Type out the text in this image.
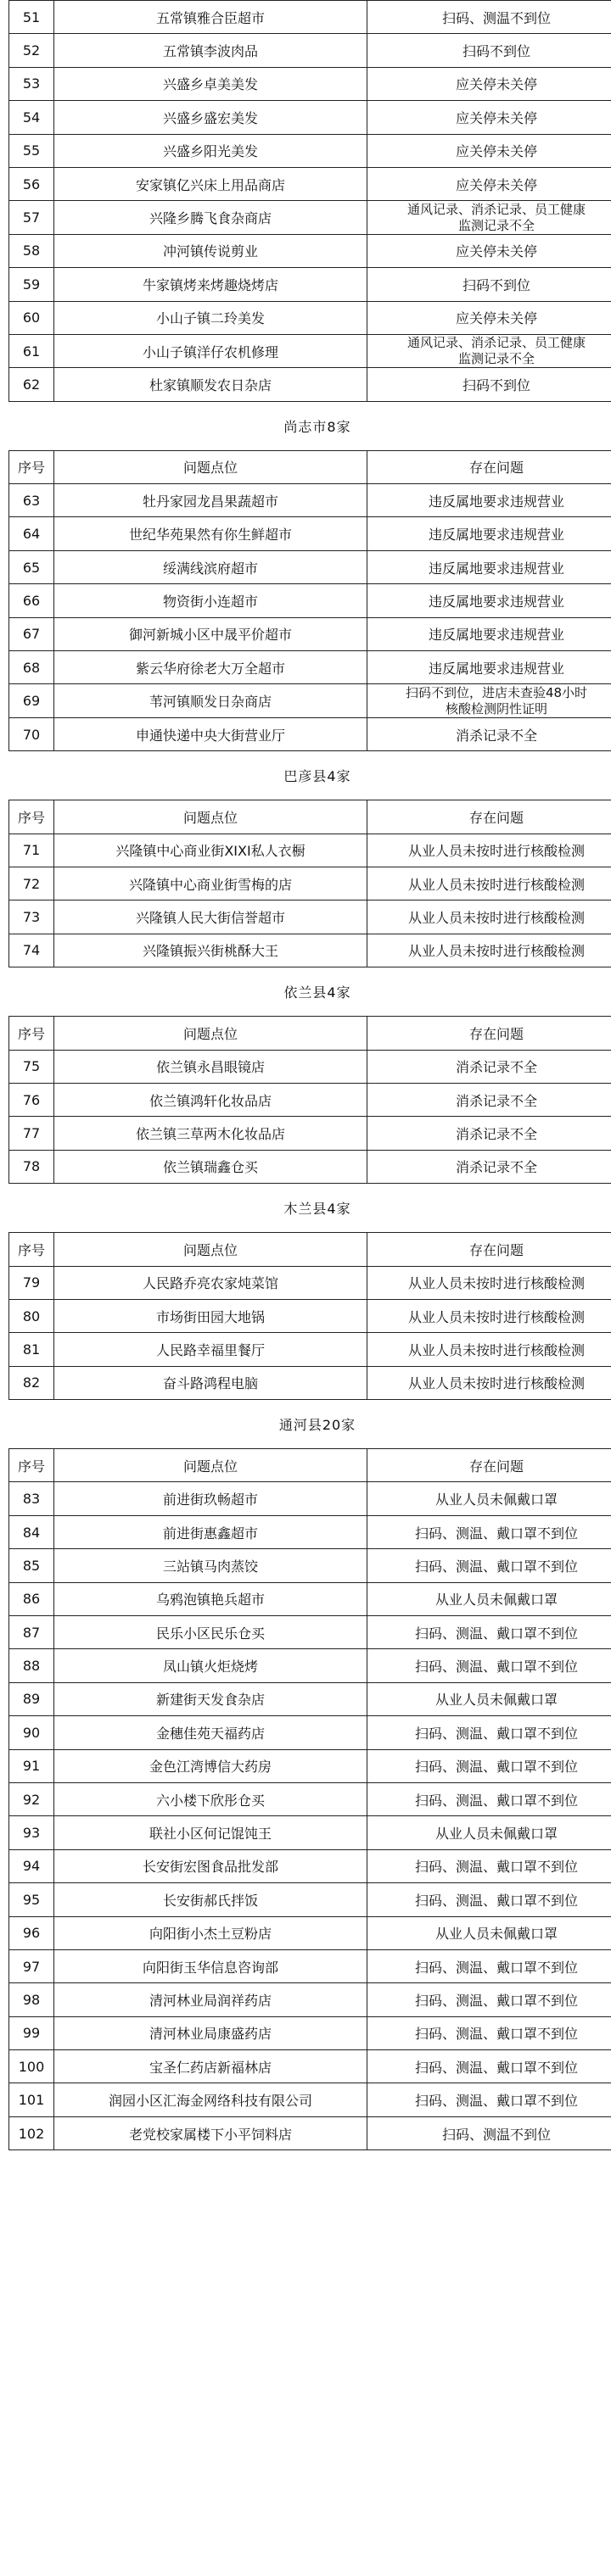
51	五常镇雅合臣超市	扫码、测温不到位
52	五常镇李波肉品	扫码不到位
53	兴盛乡卓美美发	应关停未关停
54	兴盛乡盛宏美发	应关停未关停
55	兴盛乡阳光美发	应关停未关停
56	安家镇亿兴床上用品商店	应关停未关停
57	兴隆乡腾飞食杂商店	通风记录、消杀记录、员工健康
监测记录不全

58	冲河镇传说剪业	应关停未关停
59	牛家镇烤来烤趣烧烤店	扫码不到位
60	小山子镇二玲美发	应关停未关停
61	小山子镇洋仔农机修理	通风记录、消杀记录、员工健康
监测记录不全

62	杜家镇顺发农日杂店	扫码不到位
尚志市8家		
序号	问题点位	存在问题
63	牡丹家园龙昌果蔬超市	违反属地要求违规营业
64	世纪华苑果然有你生鲜超市	违反属地要求违规营业
65	绥满线滨府超市	违反属地要求违规营业
66	物资街小连超市	违反属地要求违规营业
67	御河新城小区中晟平价超市	违反属地要求违规营业
68	紫云华府徐老大万全超市	违反属地要求违规营业
69	苇河镇顺发日杂商店	扫码不到位，进店未查验48小时
核酸检测阴性证明

70	申通快递中央大街营业厅	消杀记录不全
巴彦县4家		
序号	问题点位	存在问题
71	兴隆镇中心商业街XIXI私人衣橱	从业人员未按时进行核酸检测
72	兴隆镇中心商业街雪梅的店	从业人员未按时进行核酸检测
73	兴隆镇人民大街信誉超市	从业人员未按时进行核酸检测
74	兴隆镇振兴街桃酥大王	从业人员未按时进行核酸检测
依兰县4家		
序号	问题点位	存在问题
75	依兰镇永昌眼镜店	消杀记录不全
76	依兰镇鸿轩化妆品店	消杀记录不全
77	依兰镇三草两木化妆品店	消杀记录不全
78	依兰镇瑞鑫仓买	消杀记录不全
木兰县4家		
序号	问题点位	存在问题
79	人民路乔亮农家炖菜馆	从业人员未按时进行核酸检测
80	市场街田园大地锅	从业人员未按时进行核酸检测
81	人民路幸福里餐厅	从业人员未按时进行核酸检测
82	奋斗路鸿程电脑	从业人员未按时进行核酸检测
通河县20家		
序号	问题点位	存在问题
83	前进街玖畅超市	从业人员未佩戴口罩
84	前进街惠鑫超市	扫码、测温、戴口罩不到位
85	三站镇马肉蒸饺	扫码、测温、戴口罩不到位
86	乌鸦泡镇艳兵超市	从业人员未佩戴口罩
87	民乐小区民乐仓买	扫码、测温、戴口罩不到位
88	凤山镇火炬烧烤	扫码、测温、戴口罩不到位
89	新建街天发食杂店	从业人员未佩戴口罩
90	金穗佳苑天福药店	扫码、测温、戴口罩不到位
91	金色江湾博信大药房	扫码、测温、戴口罩不到位
92	六小楼下欣彤仓买	扫码、测温、戴口罩不到位
93	联社小区何记馄饨王	从业人员未佩戴口罩
94	长安街宏图食品批发部	扫码、测温、戴口罩不到位
95	长安街郝氏拌饭	扫码、测温、戴口罩不到位
96	向阳街小杰土豆粉店	从业人员未佩戴口罩
97	向阳街玉华信息咨询部	扫码、测温、戴口罩不到位
98	清河林业局润祥药店	扫码、测温、戴口罩不到位
99	清河林业局康盛药店	扫码、测温、戴口罩不到位
100	宝圣仁药店新福林店	扫码、测温、戴口罩不到位
101	润园小区汇海金网络科技有限公司	扫码、测温、戴口罩不到位
102	老党校家属楼下小平饲料店	扫码、测温不到位
